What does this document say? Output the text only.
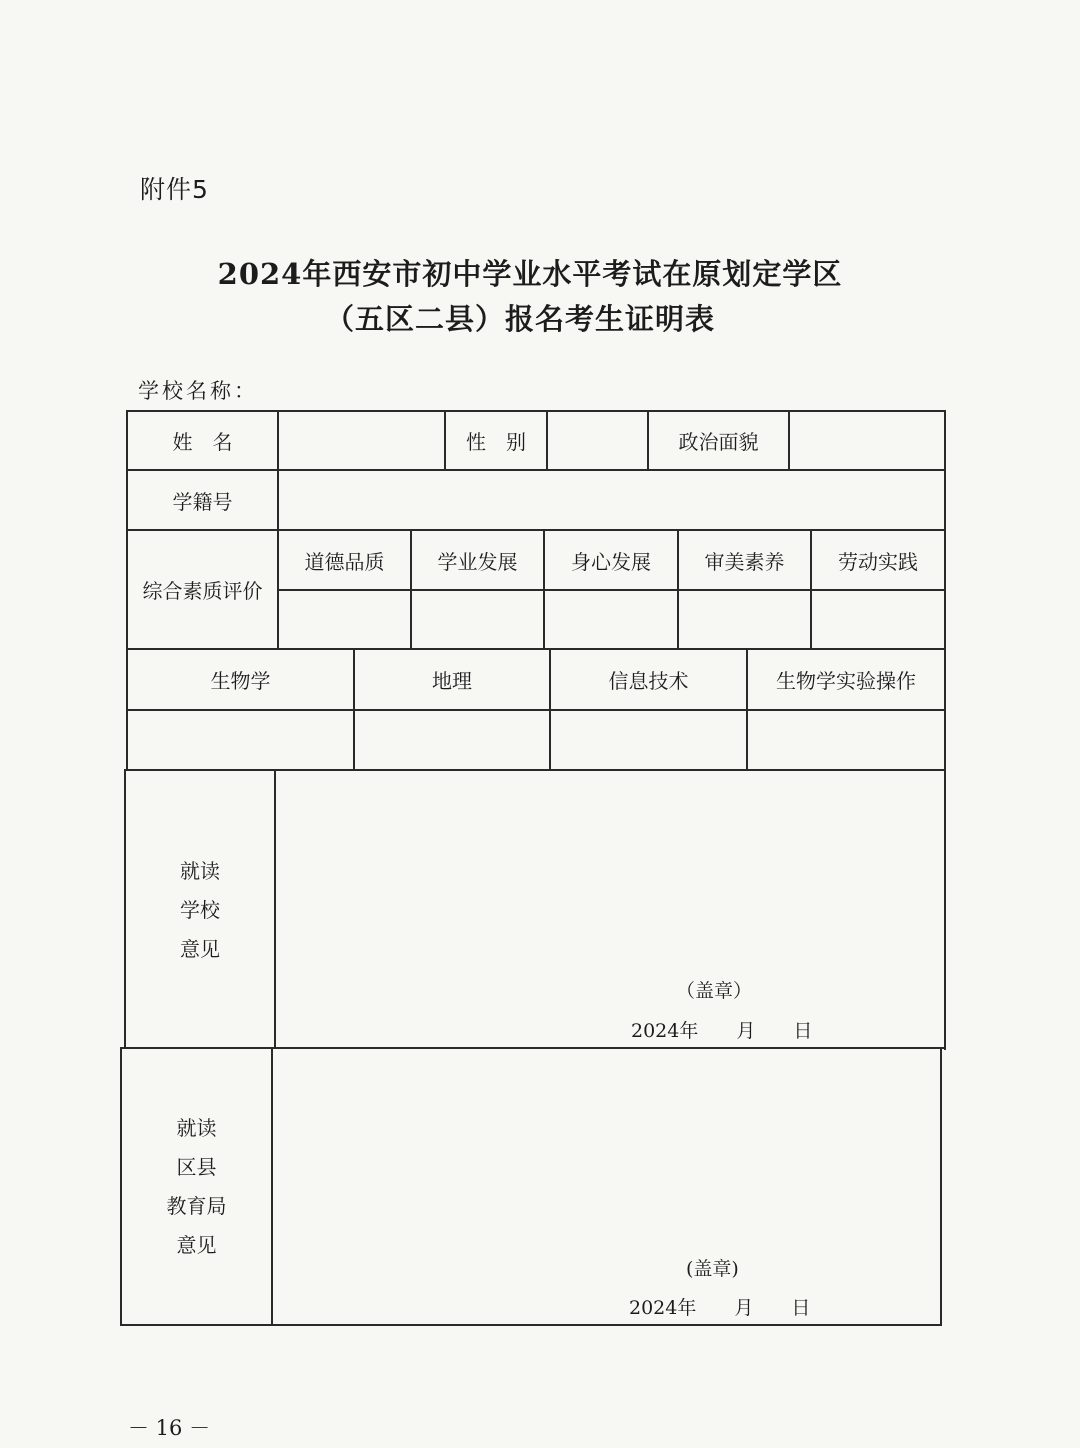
附件5
2024年西安市初中学业水平考试在原划定学区
（五区二县）报名考生证明表
学校名称：
姓　名	性　别	政治面貌
学籍号
综合素质评价
道德品质	学业发展	身心发展	审美素养	劳动实践
生物学	地理	信息技术	生物学实验操作
就读
学校
意见
（盖章）
2024年　　月　　日
就读
区县
教育局
意见
(盖章)
2024年　　月　　日
－ 16 －
